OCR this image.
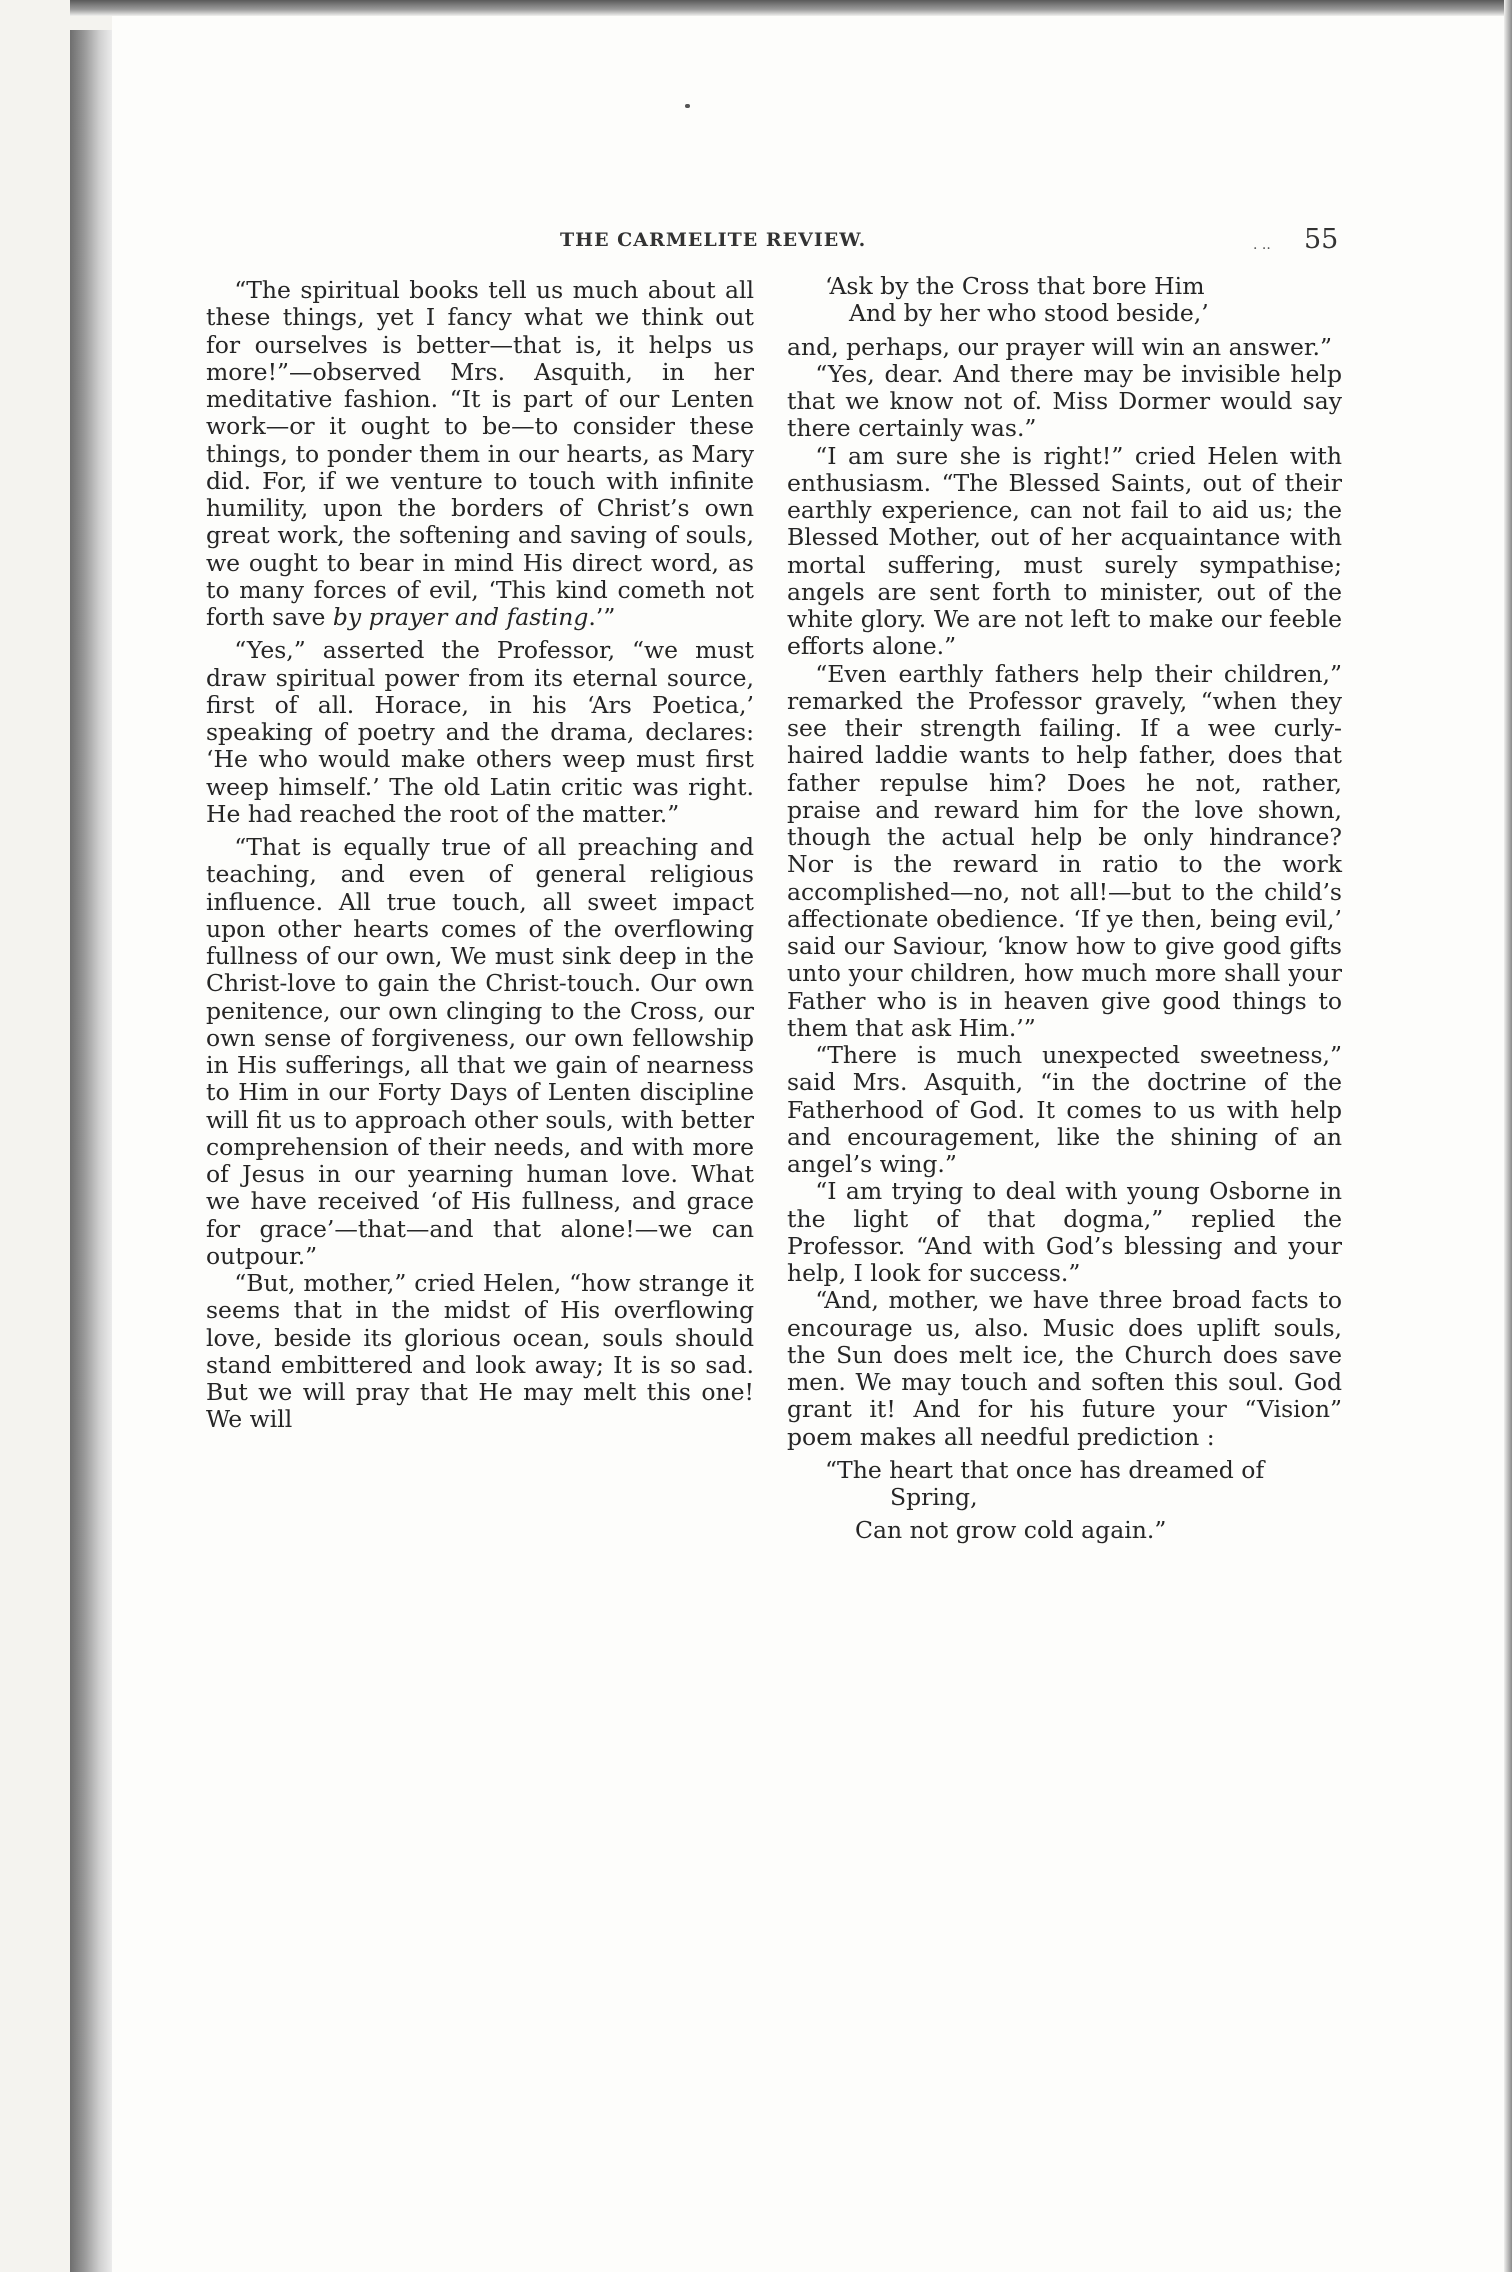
THE CARMELITE REVIEW.	· ·· 55

“The spiritual books tell us much about all these things, yet I fancy what we think out for ourselves is better—that is, it helps us more!”—observed Mrs. Asquith, in her meditative fashion. “It is part of our Lenten work—or it ought to be—to consider these things, to ponder them in our hearts, as Mary did. For, if we venture to touch with infinite humility, upon the borders of Christ’s own great work, the softening and saving of souls, we ought to bear in mind His direct word, as to many forces of evil, ‘This kind cometh not forth save by prayer and fasting.’”

“Yes,” asserted the Professor, “we must draw spiritual power from its eternal source, first of all. Horace, in his ‘Ars Poetica,’ speaking of poetry and the drama, declares: ‘He who would make others weep must first weep himself.’ The old Latin critic was right. He had reached the root of the matter.”

“That is equally true of all preaching and teaching, and even of general religious influence. All true touch, all sweet impact upon other hearts comes of the overflowing fullness of our own, We must sink deep in the Christ-love to gain the Christ-touch. Our own penitence, our own clinging to the Cross, our own sense of forgiveness, our own fellowship in His sufferings, all that we gain of nearness to Him in our Forty Days of Lenten discipline will fit us to approach other souls, with better comprehension of their needs, and with more of Jesus in our yearning human love. What we have received ‘of His fullness, and grace for grace’—that—and that alone!—we can outpour.”

“But, mother,” cried Helen, “how strange it seems that in the midst of His overflowing love, beside its glorious ocean, souls should stand embittered and look away; It is so sad. But we will pray that He may melt this one! We will

‘Ask by the Cross that bore Him
And by her who stood beside,’

and, perhaps, our prayer will win an answer.”

“Yes, dear. And there may be invisible help that we know not of. Miss Dormer would say there certainly was.”

“I am sure she is right!” cried Helen with enthusiasm. “The Blessed Saints, out of their earthly experience, can not fail to aid us; the Blessed Mother, out of her acquaintance with mortal suffering, must surely sympathise; angels are sent forth to minister, out of the white glory. We are not left to make our feeble efforts alone.”

“Even earthly fathers help their children,” remarked the Professor gravely, “when they see their strength failing. If a wee curly-haired laddie wants to help father, does that father repulse him? Does he not, rather, praise and reward him for the love shown, though the actual help be only hindrance? Nor is the reward in ratio to the work accomplished—no, not all!—but to the child’s affectionate obedience. ‘If ye then, being evil,’ said our Saviour, ‘know how to give good gifts unto your children, how much more shall your Father who is in heaven give good things to them that ask Him.’”

“There is much unexpected sweetness,” said Mrs. Asquith, “in the doctrine of the Fatherhood of God. It comes to us with help and encouragement, like the shining of an angel’s wing.”

“I am trying to deal with young Osborne in the light of that dogma,” replied the Professor. “And with God’s blessing and your help, I look for success.”

“And, mother, we have three broad facts to encourage us, also. Music does uplift souls, the Sun does melt ice, the Church does save men. We may touch and soften this soul. God grant it! And for his future your “Vision” poem makes all needful prediction :

“The heart that once has dreamed of
Spring,
Can not grow cold again.”
